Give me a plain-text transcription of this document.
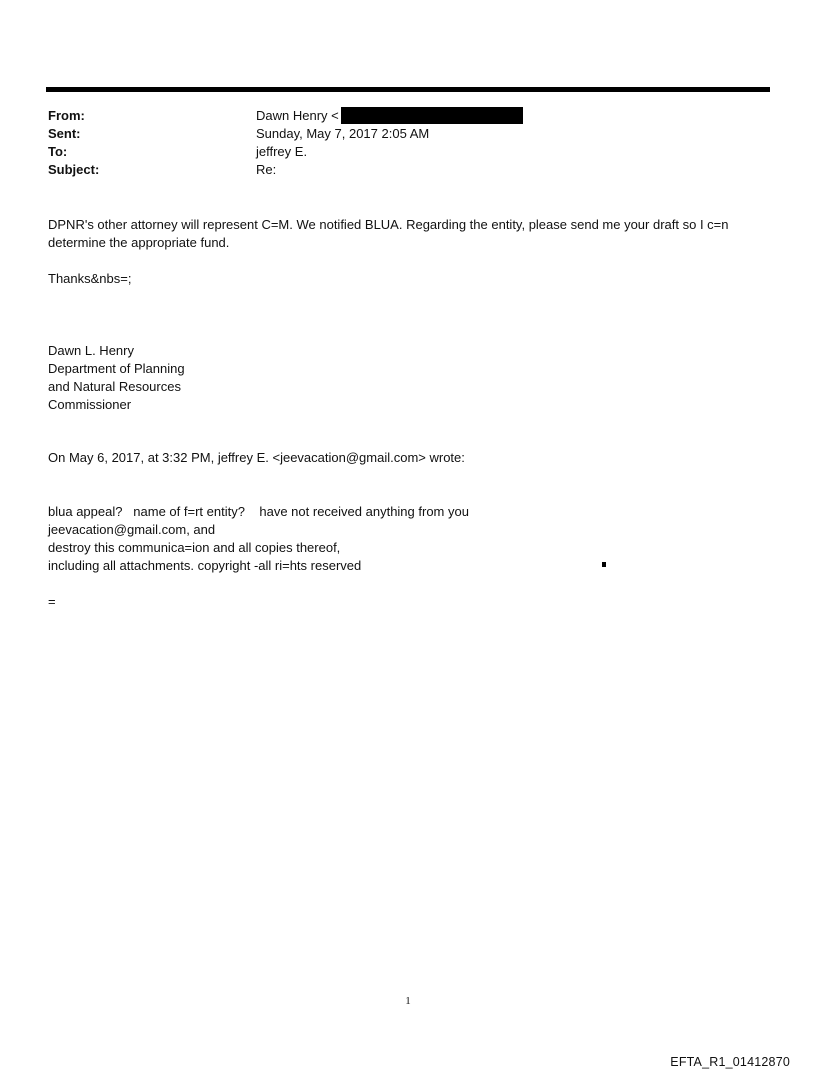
From:	Dawn Henry <
Sent:	Sunday, May 7, 2017 2:05 AM
To:	jeffrey E.
Subject:	Re:

DPNR's other attorney will represent C=M. We notified BLUA. Regarding the entity, please send me your draft so I c=n

determine the appropriate fund.

Thanks&nbs=;

Dawn L. Henry

Department of Planning

and Natural Resources

Commissioner

On May 6, 2017, at 3:32 PM, jeffrey E. <jeevacation@gmail.com> wrote:

blua appeal?   name of f=rt entity?    have not received anything from you

jeevacation@gmail.com, and

destroy this communica=ion and all copies thereof,

including all attachments. copyright -all ri=hts reserved

=

1
EFTA_R1_01412870
